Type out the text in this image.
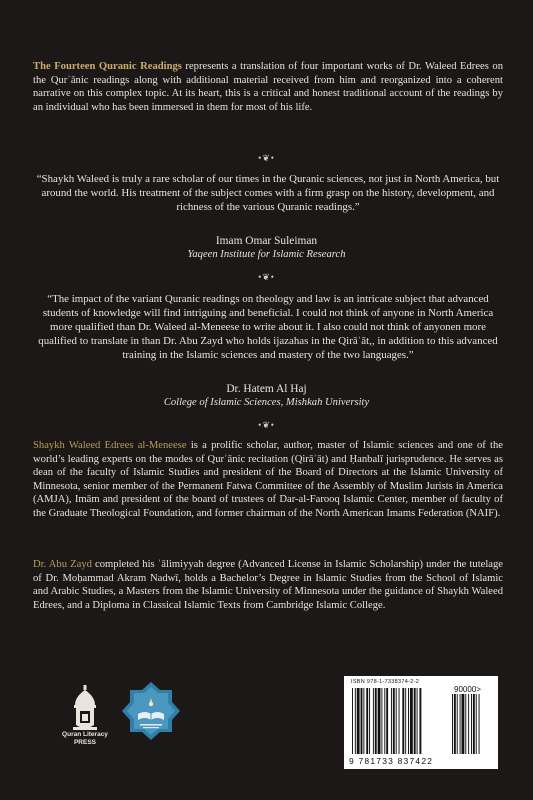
The Fourteen Quranic Readings represents a translation of four important works of Dr. Waleed Edrees on the Qurʾānic readings along with additional material received from him and reorganized into a coherent narrative on this complex topic. At its heart, this is a critical and honest traditional account of the readings by an individual who has been immersed in them for most of his life.
•❦•
“Shaykh Waleed is truly a rare scholar of our times in the Quranic sciences, not just in North America, but around the world. His treatment of the subject comes with a firm grasp on the history, development, and richness of the various Quranic readings.”
Imam Omar Suleiman
Yaqeen Institute for Islamic Research
•❦•
“The impact of the variant Quranic readings on theology and law is an intricate subject that advanced students of knowledge will find intriguing and beneficial. I could not think of anyone in North America more qualified than Dr. Waleed al-Meneese to write about it. I also could not think of anyonen more qualified to translate in than Dr. Abu Zayd who holds ijazahas in the Qirāʾāt,, in addition to this advanced training in the Islamic sciences and mastery of the two languages.”
Dr. Hatem Al Haj
College of Islamic Sciences, Mishkah University
•❦•
Shaykh Waleed Edrees al-Meneese is a prolific scholar, author, master of Islamic sciences and one of the world’s leading experts on the modes of Qurʾānic recitation (Qirāʾāt) and Ḥanbalī jurisprudence. He serves as dean of the faculty of Islamic Studies and president of the Board of Directors at the Islamic University of Minnesota, senior member of the Permanent Fatwa Committee of the Assembly of Muslim Jurists in America (AMJA), Imām and president of the board of trustees of Dar-al-Farooq Islamic Center, member of faculty of the Graduate Theological Foundation, and former chairman of the North American Imams Federation (NAIF).
Dr. Abu Zayd completed his ʿālimiyyah degree (Advanced License in Islamic Scholarship) under the tutelage of Dr. Moḥammad Akram Nadwī, holds a Bachelor’s Degree in Islamic Studies from the School of Islamic and Arabic Studies, a Masters from the Islamic University of Minnesota under the guidance of Shaykh Waleed Edrees, and a Diploma in Classical Islamic Texts from Cambridge Islamic College.
Quran Literacy
PRESS
ISBN 978-1-7338374-2-2
90000>
9 781733 837422
